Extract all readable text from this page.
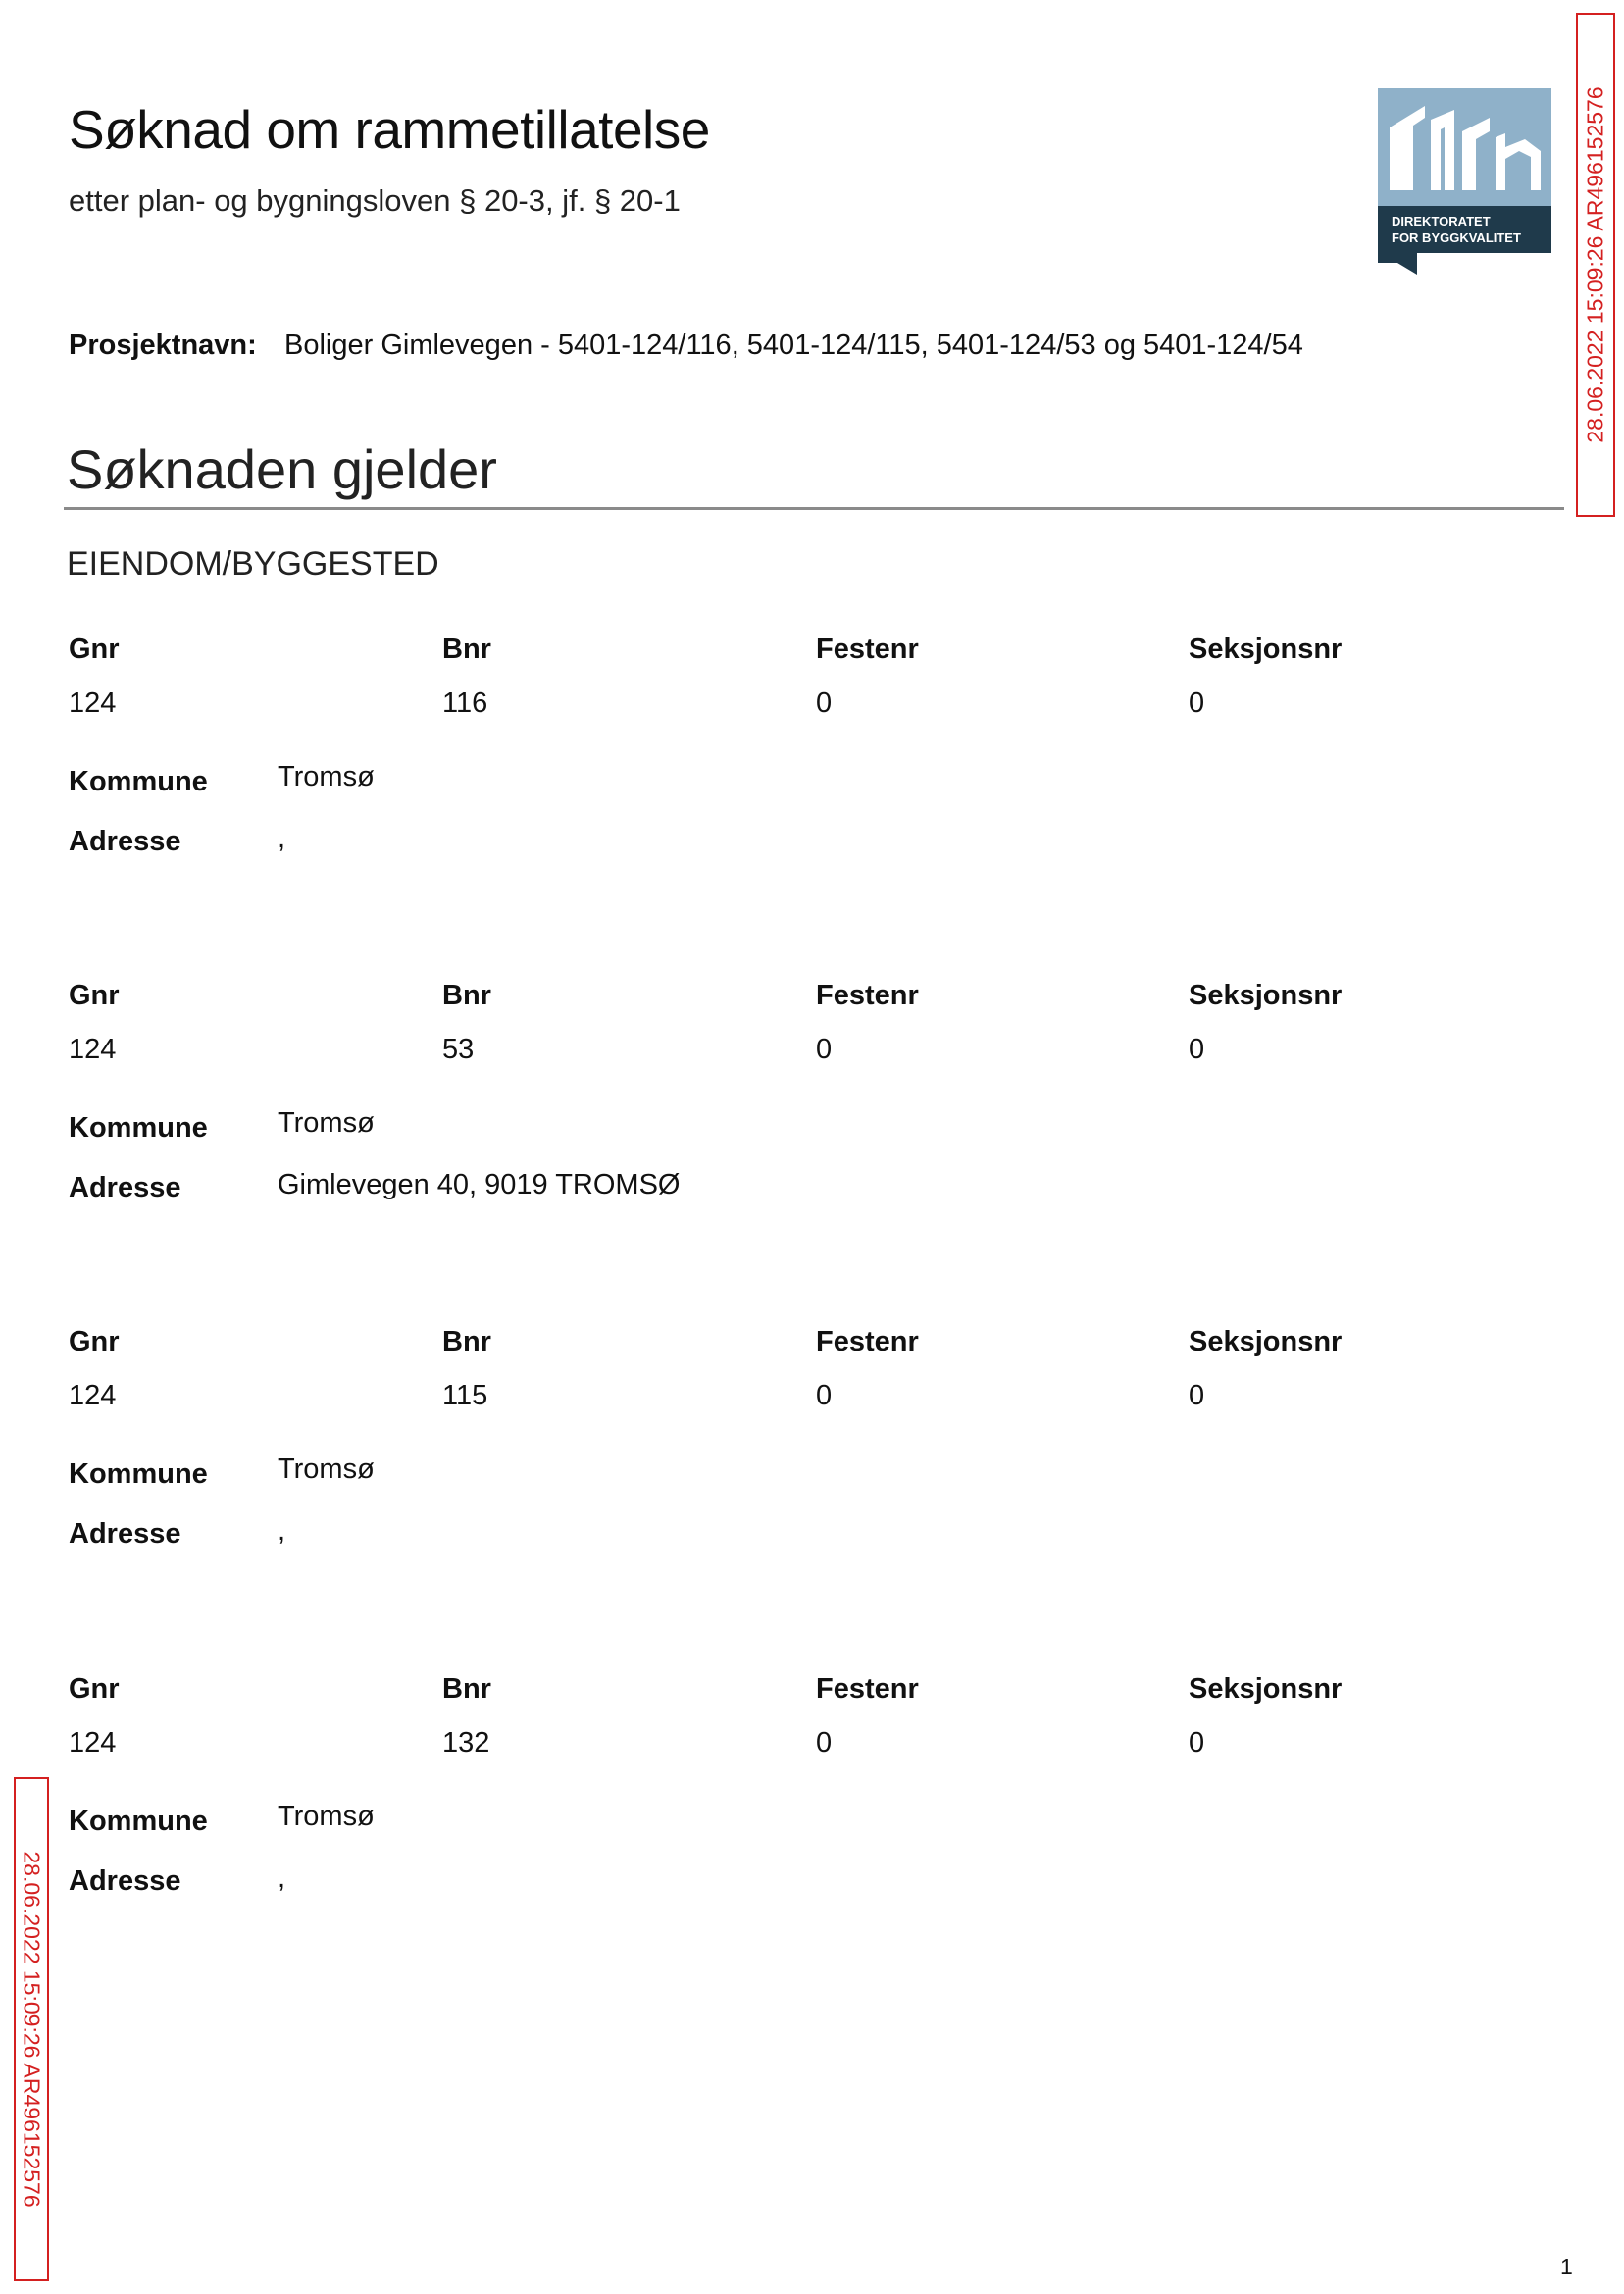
Søknad om rammetillatelse
etter plan- og bygningsloven § 20-3, jf. § 20-1
Prosjektnavn: Boliger Gimlevegen - 5401-124/116, 5401-124/115, 5401-124/53 og 5401-124/54
Søknaden gjelder
EIENDOM/BYGGESTED
Gnr	Bnr	Festenr	Seksjonsnr
124	116	0	0
Kommune Tromsø
Adresse	,
Gnr	Bnr	Festenr	Seksjonsnr
124	53	0	0
Kommune Tromsø
Adresse	Gimlevegen 40, 9019 TROMSØ
Gnr	Bnr	Festenr	Seksjonsnr
124	115	0	0
Kommune Tromsø
Adresse	,
Gnr	Bnr	Festenr	Seksjonsnr
124	132	0	0
Kommune Tromsø
Adresse	,
DIREKTORATET
FOR BYGGKVALITET	28.06.2022 15:09:26 AR496152576
28.06.2022 15:09:26 AR496152576
1
